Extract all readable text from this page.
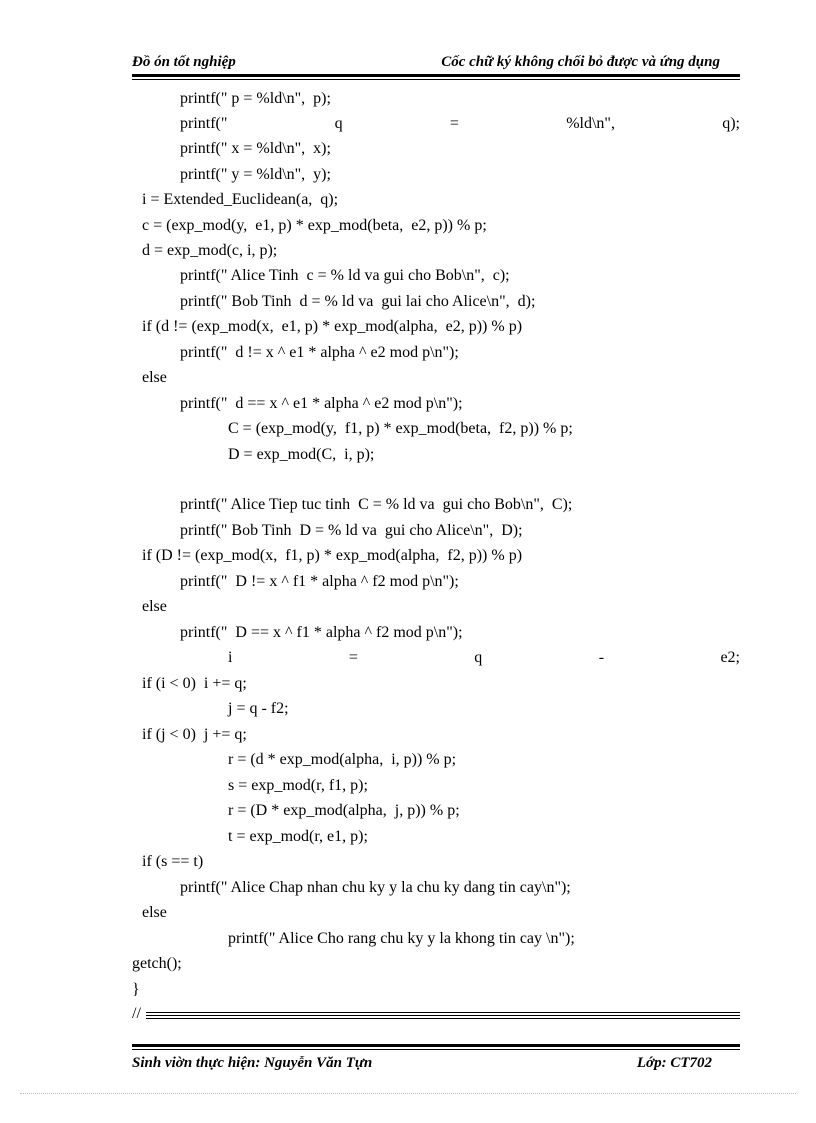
Đồ ón tốt nghiệp	Cốc chữ ký không chối bỏ được và ứng dụng
printf(" p = %ld\n",  p);
printf("	q	=	%ld\n",	q);
printf(" x = %ld\n",  x);
printf(" y = %ld\n",  y);
i = Extended_Euclidean(a,  q);
c = (exp_mod(y,  e1, p) * exp_mod(beta,  e2, p)) % p;
d = exp_mod(c, i, p);
printf(" Alice Tinh  c = % ld va gui cho Bob\n",  c);
printf(" Bob Tinh  d = % ld va  gui lai cho Alice\n",  d);
if (d != (exp_mod(x,  e1, p) * exp_mod(alpha,  e2, p)) % p)
printf("  d != x ^ e1 * alpha ^ e2 mod p\n");
else
printf("  d == x ^ e1 * alpha ^ e2 mod p\n");
C = (exp_mod(y,  f1, p) * exp_mod(beta,  f2, p)) % p;
D = exp_mod(C,  i, p);
printf(" Alice Tiep tuc tinh  C = % ld va  gui cho Bob\n",  C);
printf(" Bob Tinh  D = % ld va  gui cho Alice\n",  D);
if (D != (exp_mod(x,  f1, p) * exp_mod(alpha,  f2, p)) % p)
printf("  D != x ^ f1 * alpha ^ f2 mod p\n");
else
printf("  D == x ^ f1 * alpha ^ f2 mod p\n");
i	=	q	-	e2;
if (i < 0)  i += q;
j = q - f2;
if (j < 0)  j += q;
r = (d * exp_mod(alpha,  i, p)) % p;
s = exp_mod(r, f1, p);
r = (D * exp_mod(alpha,  j, p)) % p;
t = exp_mod(r, e1, p);
if (s == t)
printf(" Alice Chap nhan chu ky y la chu ky dang tin cay\n");
else
printf(" Alice Cho rang chu ky y la khong tin cay \n");
getch();
}
//
Sinh viờn thực hiện: Nguyễn Văn Tựn	Lớp: CT702
